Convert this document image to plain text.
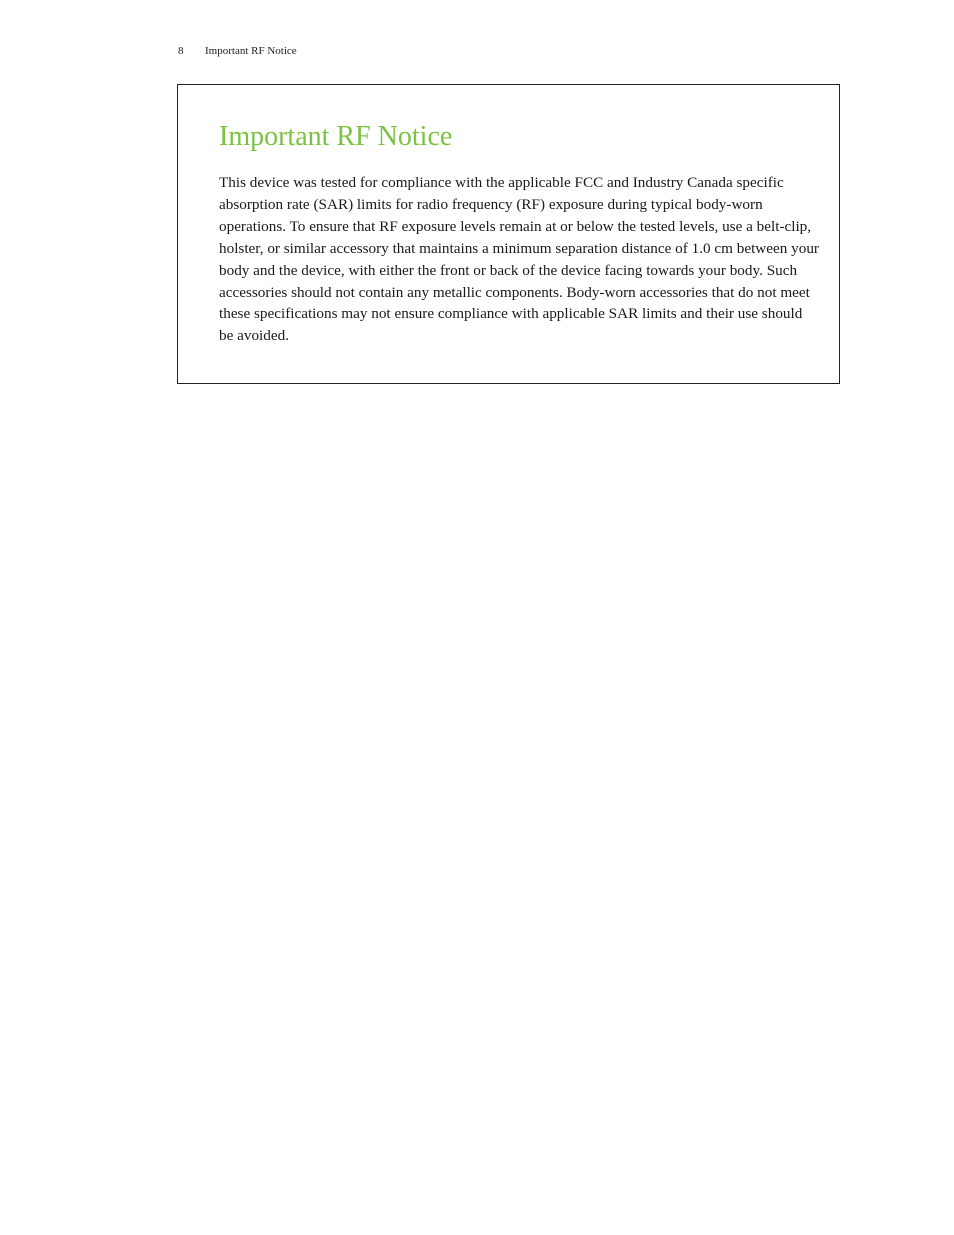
8	Important RF Notice
Important RF Notice

This device was tested for compliance with the applicable FCC and Industry Canada specific absorption rate (SAR) limits for radio frequency (RF) exposure during typical body-worn operations. To ensure that RF exposure levels remain at or below the tested levels, use a belt-clip, holster, or similar accessory that maintains a minimum separation distance of 1.0 cm between your body and the device, with either the front or back of the device facing towards your body. Such accessories should not contain any metallic components. Body-worn accessories that do not meet these specifications may not ensure compliance with applicable SAR limits and their use should be avoided.
